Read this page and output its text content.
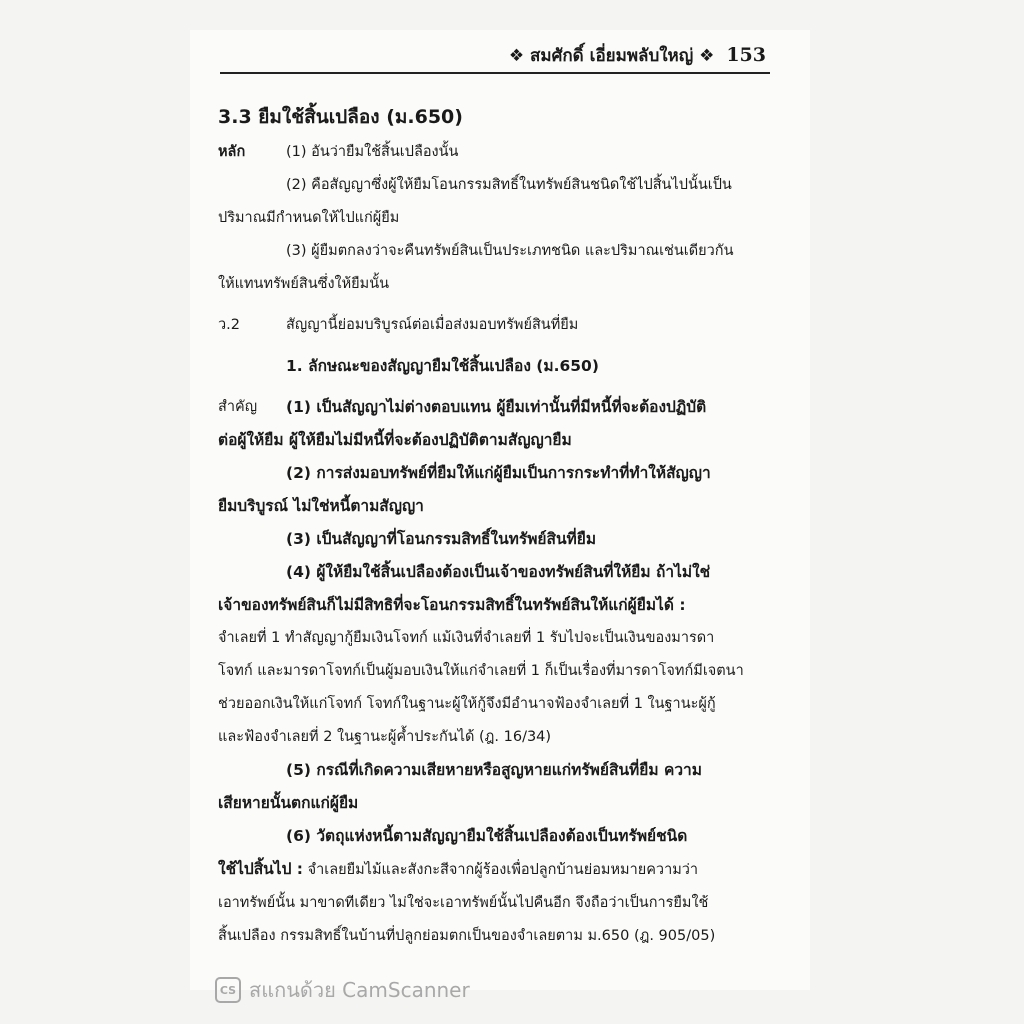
❖ สมศักดิ์ เอี่ยมพลับใหญ่ ❖ 153
3.3 ยืมใช้สิ้นเปลือง (ม.650)
หลัก	(1) อันว่ายืมใช้สิ้นเปลืองนั้น

(2) คือสัญญาซึ่งผู้ให้ยืมโอนกรรมสิทธิ์ในทรัพย์สินชนิดใช้ไปสิ้นไปนั้นเป็น

ปริมาณมีกำหนดให้ไปแก่ผู้ยืม

(3) ผู้ยืมตกลงว่าจะคืนทรัพย์สินเป็นประเภทชนิด และปริมาณเช่นเดียวกัน

ให้แทนทรัพย์สินซึ่งให้ยืมนั้น

ว.2	สัญญานี้ย่อมบริบูรณ์ต่อเมื่อส่งมอบทรัพย์สินที่ยืม

1. ลักษณะของสัญญายืมใช้สิ้นเปลือง (ม.650)

สำคัญ	(1) เป็นสัญญาไม่ต่างตอบแทน ผู้ยืมเท่านั้นที่มีหนี้ที่จะต้องปฏิบัติ

ต่อผู้ให้ยืม ผู้ให้ยืมไม่มีหนี้ที่จะต้องปฏิบัติตามสัญญายืม

(2) การส่งมอบทรัพย์ที่ยืมให้แก่ผู้ยืมเป็นการกระทำที่ทำให้สัญญา

ยืมบริบูรณ์ ไม่ใช่หนี้ตามสัญญา

(3) เป็นสัญญาที่โอนกรรมสิทธิ์ในทรัพย์สินที่ยืม

(4) ผู้ให้ยืมใช้สิ้นเปลืองต้องเป็นเจ้าของทรัพย์สินที่ให้ยืม ถ้าไม่ใช่

เจ้าของทรัพย์สินก็ไม่มีสิทธิที่จะโอนกรรมสิทธิ์ในทรัพย์สินให้แก่ผู้ยืมได้ :

จำเลยที่ 1 ทำสัญญากู้ยืมเงินโจทก์ แม้เงินที่จำเลยที่ 1 รับไปจะเป็นเงินของมารดา

โจทก์ และมารดาโจทก์เป็นผู้มอบเงินให้แก่จำเลยที่ 1 ก็เป็นเรื่องที่มารดาโจทก์มีเจตนา

ช่วยออกเงินให้แก่โจทก์ โจทก์ในฐานะผู้ให้กู้จึงมีอำนาจฟ้องจำเลยที่ 1 ในฐานะผู้กู้

และฟ้องจำเลยที่ 2 ในฐานะผู้ค้ำประกันได้ (ฎ. 16/34)

(5) กรณีที่เกิดความเสียหายหรือสูญหายแก่ทรัพย์สินที่ยืม ความ

เสียหายนั้นตกแก่ผู้ยืม

(6) วัตถุแห่งหนี้ตามสัญญายืมใช้สิ้นเปลืองต้องเป็นทรัพย์ชนิด

ใช้ไปสิ้นไป : จำเลยยืมไม้และสังกะสีจากผู้ร้องเพื่อปลูกบ้านย่อมหมายความว่า

เอาทรัพย์นั้น มาขาดทีเดียว ไม่ใช่จะเอาทรัพย์นั้นไปคืนอีก จึงถือว่าเป็นการยืมใช้

สิ้นเปลือง กรรมสิทธิ์ในบ้านที่ปลูกย่อมตกเป็นของจำเลยตาม ม.650 (ฎ. 905/05)

CS สแกนด้วย CamScanner
